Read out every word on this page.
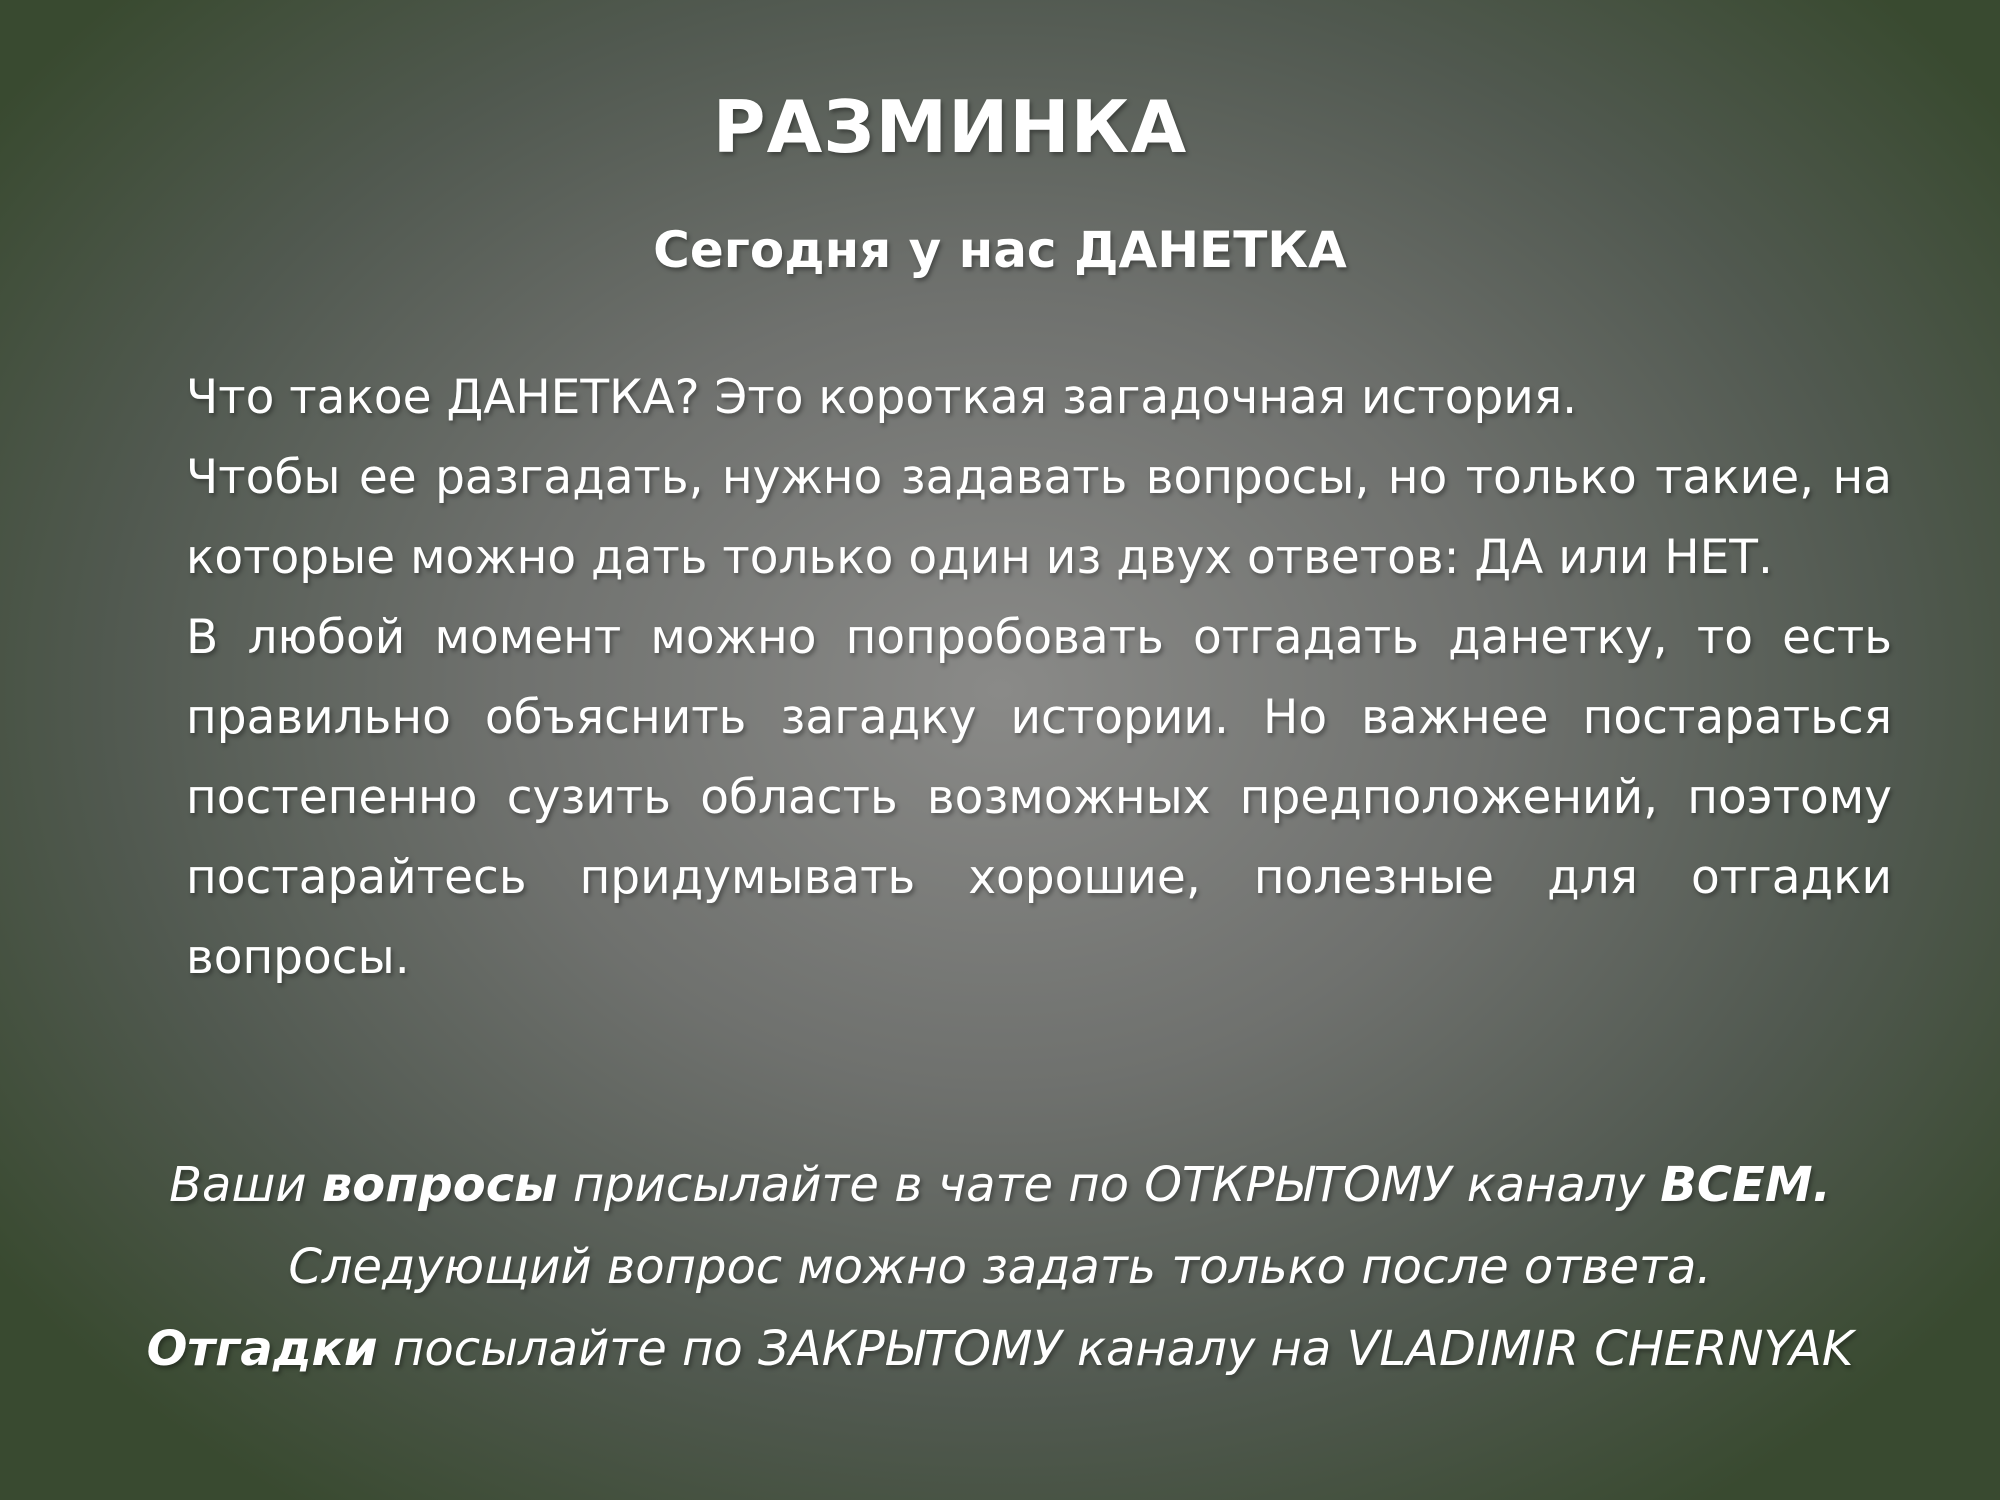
РАЗМИНКА
Сегодня у нас ДАНЕТКА

Что такое ДАНЕТКА? Это короткая загадочная история.

Чтобы ее разгадать, нужно задавать вопросы, но только такие, на которые можно дать только один из двух ответов: ДА или НЕТ.

В любой момент можно попробовать отгадать данетку, то есть правильно объяснить загадку истории. Но важнее постараться постепенно сузить область возможных предположений, поэтому постарайтесь придумывать хорошие, полезные для отгадки вопросы.

Ваши вопросы присылайте в чате по ОТКРЫТОМУ каналу ВСЕМ.
Следующий вопрос можно задать только после ответа.
Отгадки посылайте по ЗАКРЫТОМУ каналу на VLADIMIR CHERNYAK
